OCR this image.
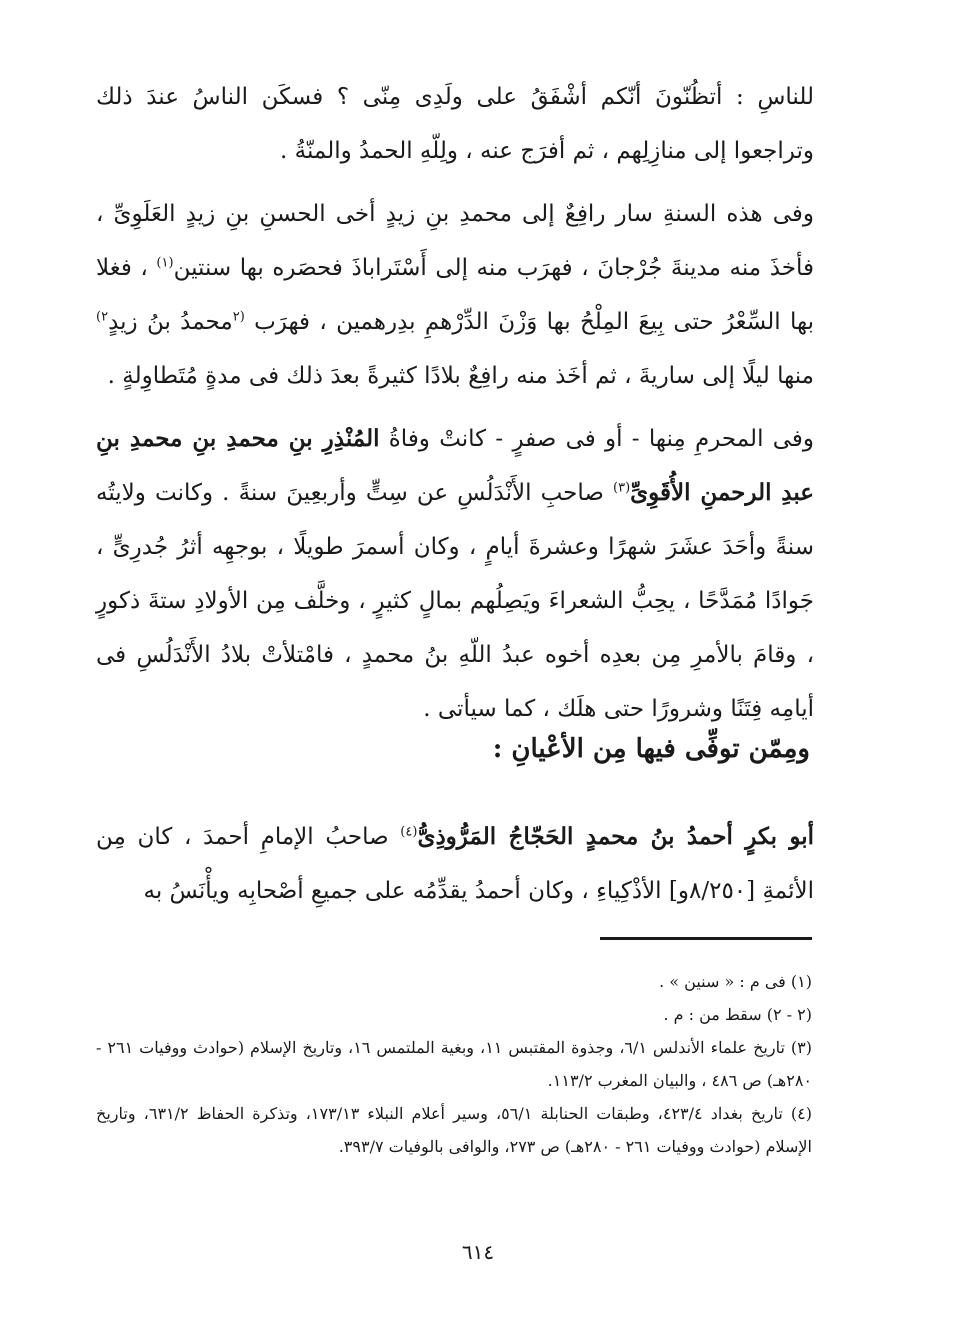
للناسِ : أتظُنّونَ أنّكم أشْفَقُ على ولَدِى مِنّى ؟ فسكَن الناسُ عندَ ذلك وتراجعوا إلى منازِلِهم ، ثم أفرَج عنه ، ولِلّهِ الحمدُ والمنّةُ .

وفى هذه السنةِ سار رافِعٌ إلى محمدِ بنِ زيدٍ أخى الحسنِ بنِ زيدٍ العَلَوِىِّ ، فأخذَ منه مدينةَ جُرْجانَ ، فهرَب منه إلى أَسْتَراباذَ فحصَره بها سنتين$^{(١)}$ ، فغلا بها السِّعْرُ حتى بِيعَ المِلْحُ بها وَزْنَ الدِّرْهمِ بدِرهمين ، فهرَب $^{(٢}$محمدُ بنُ زيدٍ$^{٢)}$ منها ليلًا إلى ساريةَ ، ثم أخَذ منه رافِعٌ بلادًا كثيرةً بعدَ ذلك فى مدةٍ مُتَطاوِلةٍ .

وفى المحرمِ مِنها - أو فى صفرٍ - كانتْ وفاةُ المُنْذِرِ بنِ محمدِ بنِ محمدِ بنِ عبدِ الرحمنِ الأُقَوِىِّ$^{(٣)}$ صاحبِ الأَنْدَلُسِ عن سِتٍّ وأربعِينَ سنةً . وكانت ولايتُه سنةً وأحَدَ عشَرَ شهرًا وعشرةَ أيامٍ ، وكان أسمرَ طويلًا ، بوجهِه أثرُ جُدرِىٍّ ، جَوادًا مُمَدَّحًا ، يحِبُّ الشعراءَ ويَصِلُهم بمالٍ كثيرٍ ، وخلَّف مِن الأولادِ ستةَ ذكورٍ ، وقامَ بالأمرِ مِن بعدِه أخوه عبدُ اللّهِ بنُ محمدٍ ، فامْتلأتْ بلادُ الأَنْدَلُسِ فى أيامِه فِتَنًا وشرورًا حتى هلَك ، كما سيأتى .

ومِمّن توفِّى فيها مِن الأعْيانِ :

أبو بكرٍ أحمدُ بنُ محمدٍ الحَجّاجُ المَرُّوذِىُّ$^{(٤)}$ صاحبُ الإمامِ أحمدَ ، كان مِن الأئمةِ [٨/٢٥٠و] الأذْكِياءِ ، وكان أحمدُ يقدِّمُه على جميعِ أصْحابِه ويأْنَسُ به

(١) فى م : « سنين » .

(٢ - ٢) سقط من : م .

(٣) تاريخ علماء الأندلس ٦/١، وجذوة المقتبس ١١، وبغية الملتمس ١٦، وتاريخ الإسلام (حوادث ووفيات ٢٦١ - ٢٨٠هـ) ص ٤٨٦ ، والبيان المغرب ١١٣/٢.

(٤) تاريخ بغداد ٤٢٣/٤، وطبقات الحنابلة ٥٦/١، وسير أعلام النبلاء ١٧٣/١٣، وتذكرة الحفاظ ٦٣١/٢، وتاريخ الإسلام (حوادث ووفيات ٢٦١ - ٢٨٠هـ) ص ٢٧٣، والوافى بالوفيات ٣٩٣/٧.

٦١٤
